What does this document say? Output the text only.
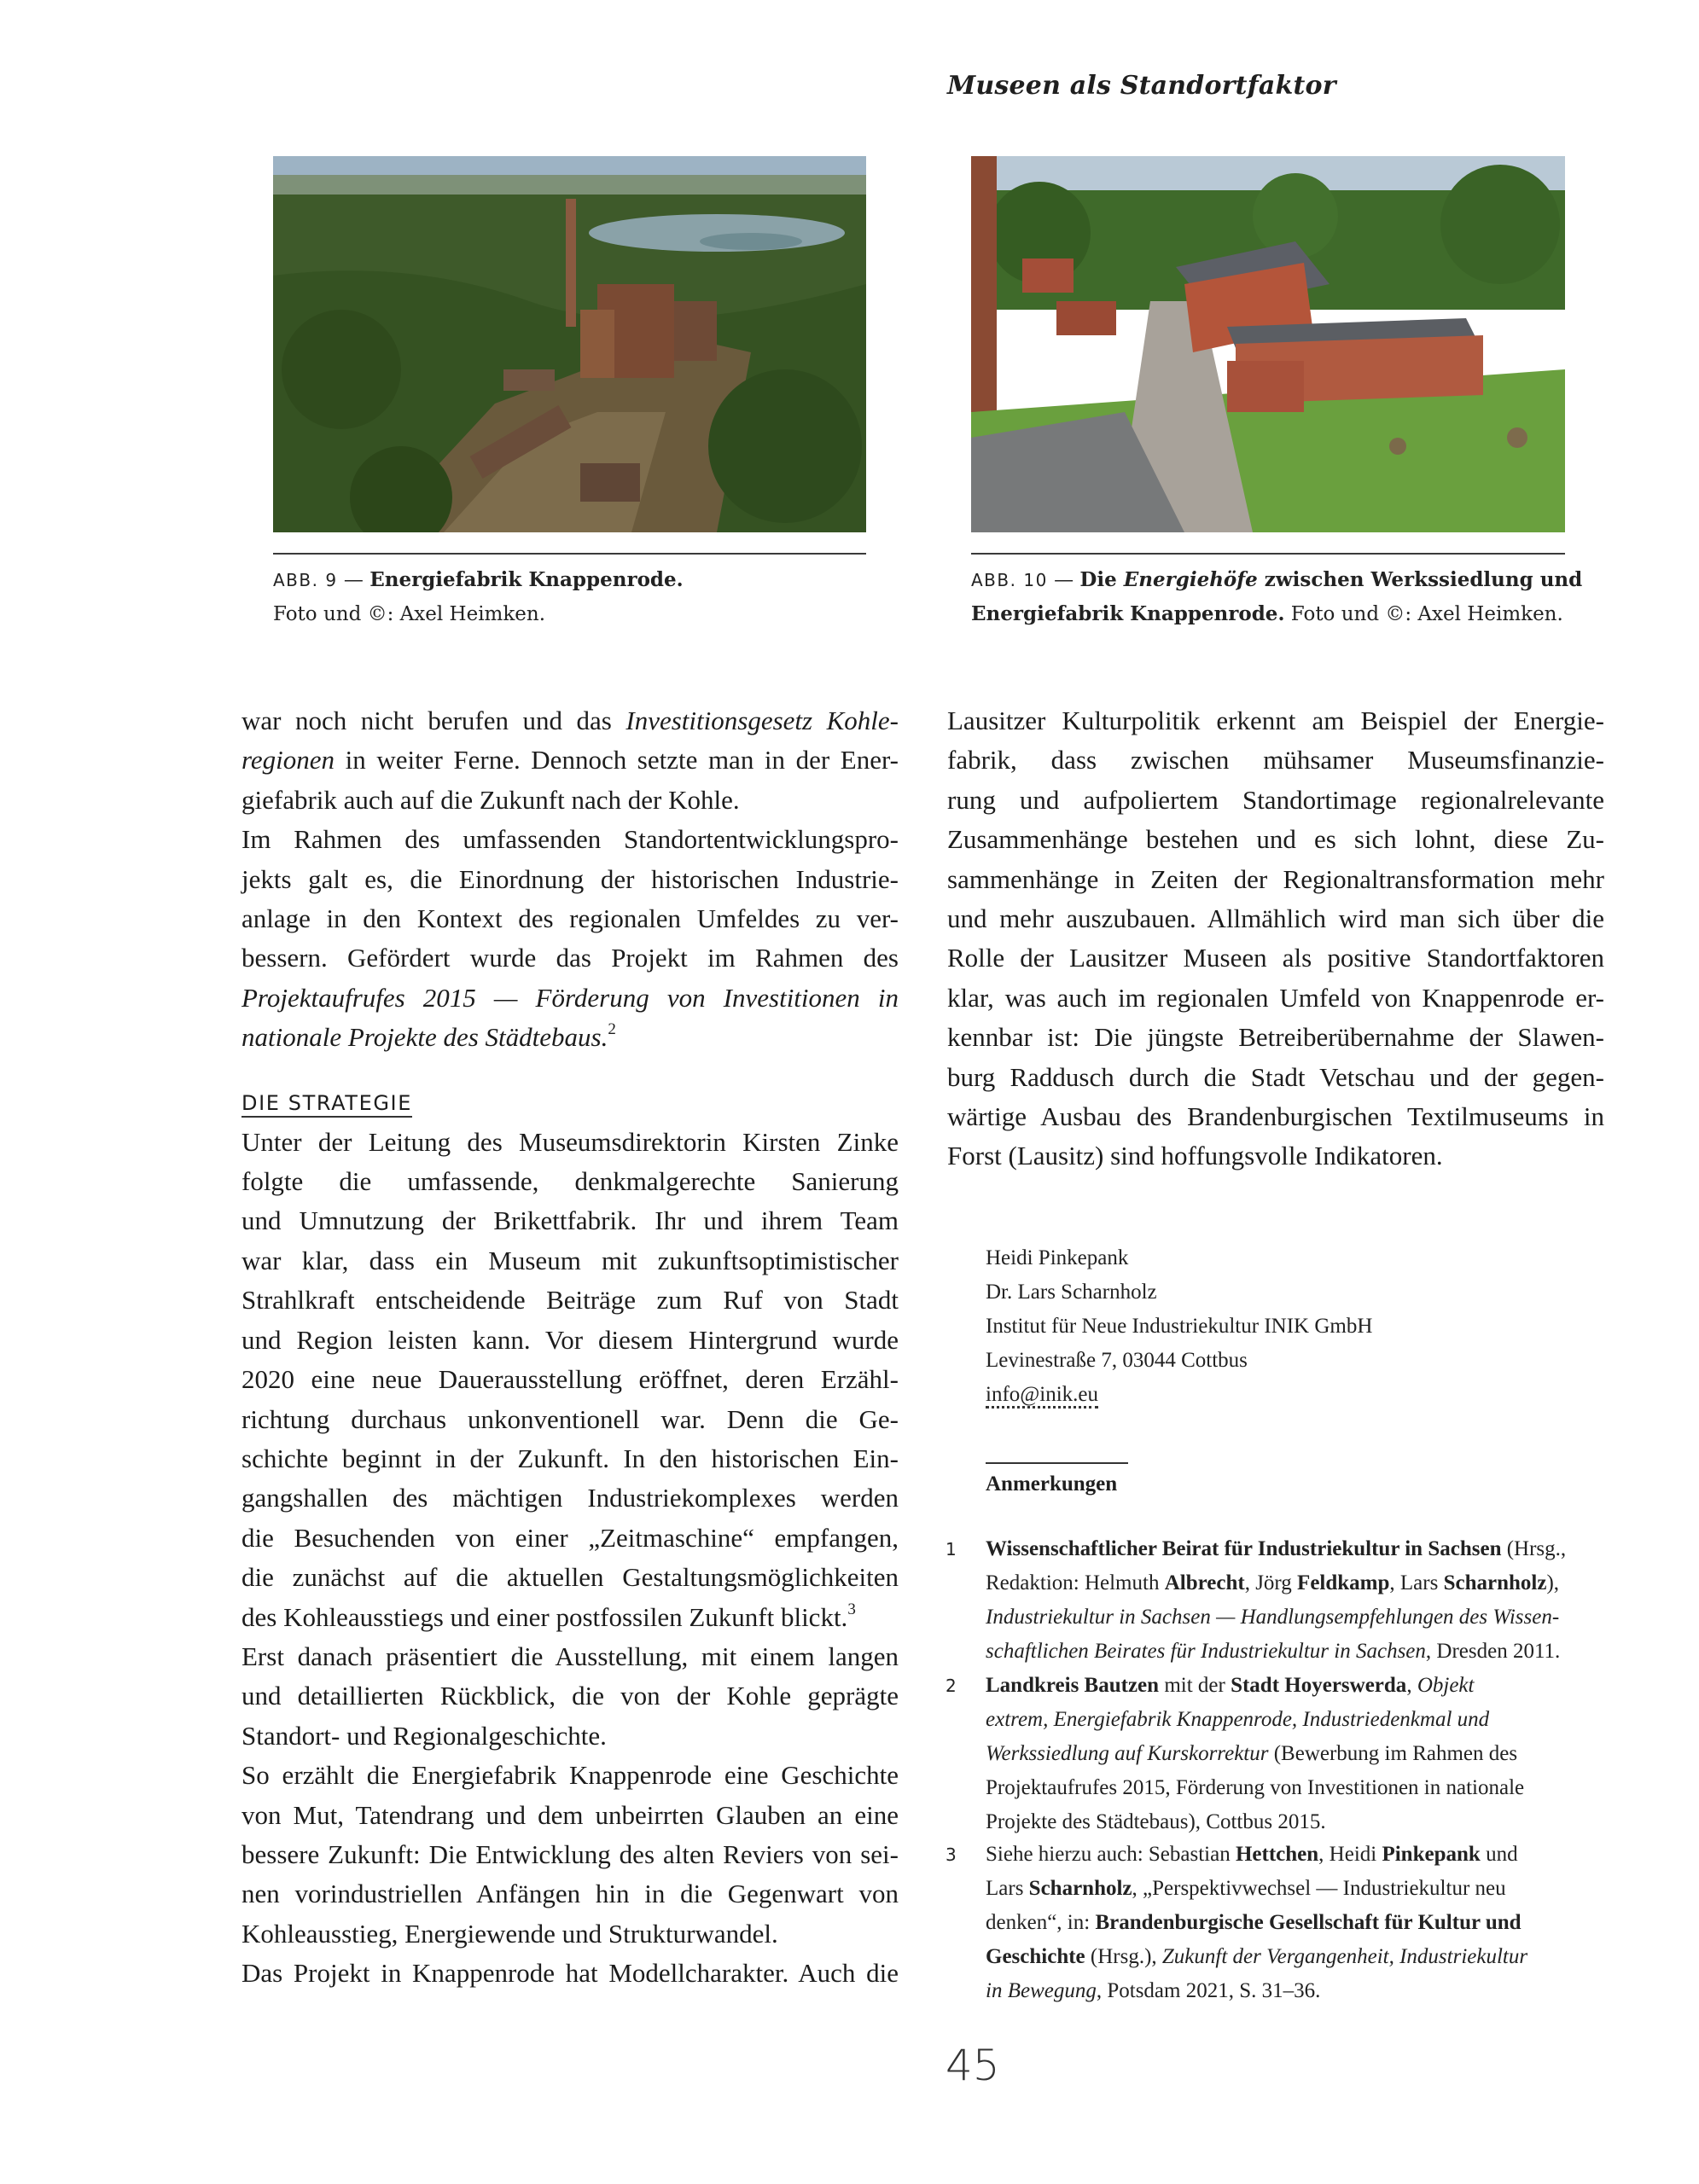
Museen als Standortfaktor
ABB. 9 — Energiefabrik Knappenrode.
Foto und ©: Axel Heimken.
ABB. 10 — Die Energiehöfe zwischen Werkssiedlung und
Energiefabrik Knappenrode. Foto und ©: Axel Heimken.

war noch nicht berufen und das Investitionsgesetz Kohle-
regionen in weiter Ferne. Dennoch setzte man in der Ener-
giefabrik auch auf die Zukunft nach der Kohle.

Im Rahmen des umfassenden Standortentwicklungspro-
jekts galt es, die Einordnung der historischen Industrie-
anlage in den Kontext des regionalen Umfeldes zu ver-
bessern. Gefördert wurde das Projekt im Rahmen des
Projektaufrufes 2015 — Förderung von Investitionen in
nationale Projekte des Städtebaus.$^2$

DIE STRATEGIE

Unter der Leitung des Museumsdirektorin Kirsten Zinke
folgte die umfassende, denkmalgerechte Sanierung
und Umnutzung der Brikettfabrik. Ihr und ihrem Team
war klar, dass ein Museum mit zukunftsoptimistischer
Strahlkraft entscheidende Beiträge zum Ruf von Stadt
und Region leisten kann. Vor diesem Hintergrund wurde
2020 eine neue Dauerausstellung eröffnet, deren Erzähl-
richtung durchaus unkonventionell war. Denn die Ge-
schichte beginnt in der Zukunft. In den historischen Ein-
gangshallen des mächtigen Industriekomplexes werden
die Besuchenden von einer „Zeitmaschine“ empfangen,
die zunächst auf die aktuellen Gestaltungsmöglichkeiten
des Kohleausstiegs und einer postfossilen Zukunft blickt.$^3$

Erst danach präsentiert die Ausstellung, mit einem langen
und detaillierten Rückblick, die von der Kohle geprägte
Standort- und Regionalgeschichte.

So erzählt die Energiefabrik Knappenrode eine Geschichte
von Mut, Tatendrang und dem unbeirrten Glauben an eine
bessere Zukunft: Die Entwicklung des alten Reviers von sei-
nen vorindustriellen Anfängen hin in die Gegenwart von
Kohleausstieg, Energiewende und Strukturwandel.

Das Projekt in Knappenrode hat Modellcharakter. Auch die

Lausitzer Kulturpolitik erkennt am Beispiel der Energie-
fabrik, dass zwischen mühsamer Museumsfinanzie-
rung und aufpoliertem Standortimage regionalrelevante
Zusammenhänge bestehen und es sich lohnt, diese Zu-
sammenhänge in Zeiten der Regionaltransformation mehr
und mehr auszubauen. Allmählich wird man sich über die
Rolle der Lausitzer Museen als positive Standortfaktoren
klar, was auch im regionalen Umfeld von Knappenrode er-
kennbar ist: Die jüngste Betreiberübernahme der Slawen-
burg Raddusch durch die Stadt Vetschau und der gegen-
wärtige Ausbau des Brandenburgischen Textilmuseums in
Forst (Lausitz) sind hoffungsvolle Indikatoren.

Heidi Pinkepank
Dr. Lars Scharnholz
Institut für Neue Industriekultur INIK GmbH
Levinestraße 7, 03044 Cottbus
info@inik.eu
Anmerkungen
1 Wissenschaftlicher Beirat für Industriekultur in Sachsen (Hrsg.,
Redaktion: Helmuth Albrecht, Jörg Feldkamp, Lars Scharnholz),
Industriekultur in Sachsen — Handlungsempfehlungen des Wissen-
schaftlichen Beirates für Industriekultur in Sachsen, Dresden 2011.
2 Landkreis Bautzen mit der Stadt Hoyerswerda, Objekt
extrem, Energiefabrik Knappenrode, Industriedenkmal und
Werkssiedlung auf Kurskorrektur (Bewerbung im Rahmen des
Projektaufrufes 2015, Förderung von Investitionen in nationale
Projekte des Städtebaus), Cottbus 2015.
3 Siehe hierzu auch: Sebastian Hettchen, Heidi Pinkepank und
Lars Scharnholz, „Perspektivwechsel — Industriekultur neu
denken“, in: Brandenburgische Gesellschaft für Kultur und
Geschichte (Hrsg.), Zukunft der Vergangenheit, Industriekultur
in Bewegung, Potsdam 2021, S. 31–36.
45
